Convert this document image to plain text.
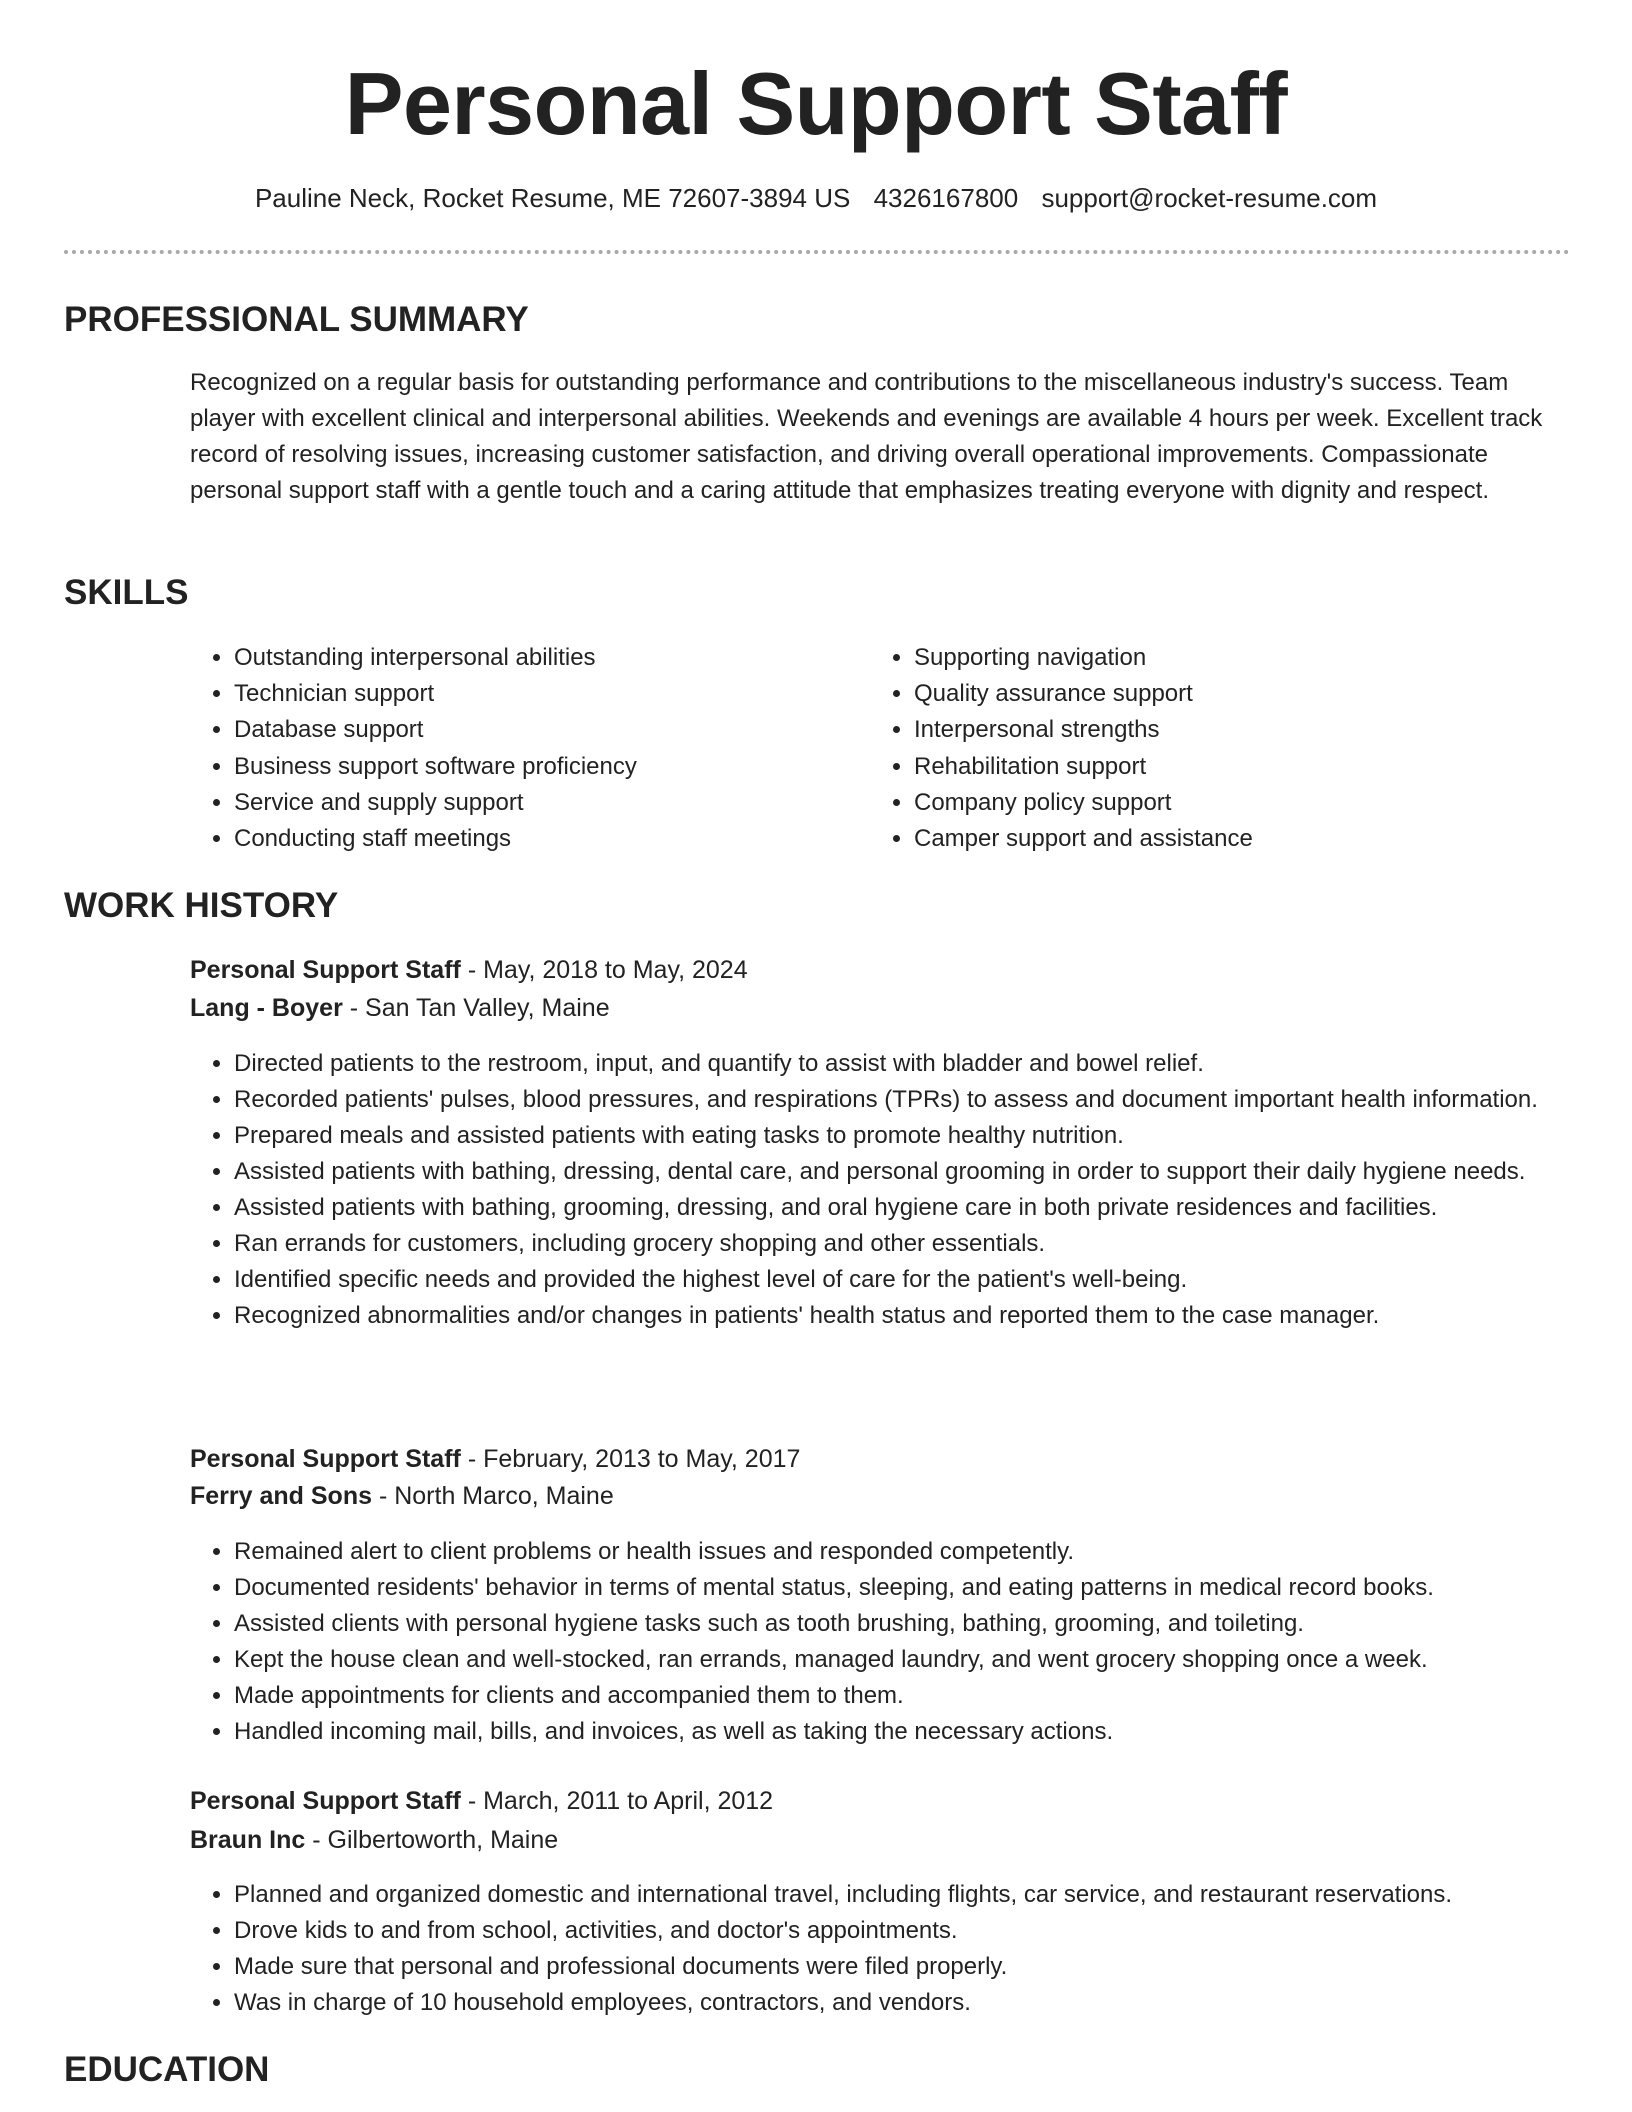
Personal Support Staff
Pauline Neck, Rocket Resume, ME 72607-3894 US 4326167800 support@rocket-resume.com
PROFESSIONAL SUMMARY

Recognized on a regular basis for outstanding performance and contributions to the miscellaneous industry's success. Team player with excellent clinical and interpersonal abilities. Weekends and evenings are available 4 hours per week. Excellent track record of resolving issues, increasing customer satisfaction, and driving overall operational improvements. Compassionate personal support staff with a gentle touch and a caring attitude that emphasizes treating everyone with dignity and respect.

SKILLS
• Outstanding interpersonal abilities
• Technician support
• Database support
• Business support software proficiency
• Service and supply support
• Conducting staff meetings
• Supporting navigation
• Quality assurance support
• Interpersonal strengths
• Rehabilitation support
• Company policy support
• Camper support and assistance
WORK HISTORY
Personal Support Staff - May, 2018 to May, 2024
Lang - Boyer - San Tan Valley, Maine
• Directed patients to the restroom, input, and quantify to assist with bladder and bowel relief.
• Recorded patients' pulses, blood pressures, and respirations (TPRs) to assess and document important health information.
• Prepared meals and assisted patients with eating tasks to promote healthy nutrition.
• Assisted patients with bathing, dressing, dental care, and personal grooming in order to support their daily hygiene needs.
• Assisted patients with bathing, grooming, dressing, and oral hygiene care in both private residences and facilities.
• Ran errands for customers, including grocery shopping and other essentials.
• Identified specific needs and provided the highest level of care for the patient's well-being.
• Recognized abnormalities and/or changes in patients' health status and reported them to the case manager.
Personal Support Staff - February, 2013 to May, 2017
Ferry and Sons - North Marco, Maine
• Remained alert to client problems or health issues and responded competently.
• Documented residents' behavior in terms of mental status, sleeping, and eating patterns in medical record books.
• Assisted clients with personal hygiene tasks such as tooth brushing, bathing, grooming, and toileting.
• Kept the house clean and well-stocked, ran errands, managed laundry, and went grocery shopping once a week.
• Made appointments for clients and accompanied them to them.
• Handled incoming mail, bills, and invoices, as well as taking the necessary actions.
Personal Support Staff - March, 2011 to April, 2012
Braun Inc - Gilbertoworth, Maine
• Planned and organized domestic and international travel, including flights, car service, and restaurant reservations.
• Drove kids to and from school, activities, and doctor's appointments.
• Made sure that personal and professional documents were filed properly.
• Was in charge of 10 household employees, contractors, and vendors.
EDUCATION
